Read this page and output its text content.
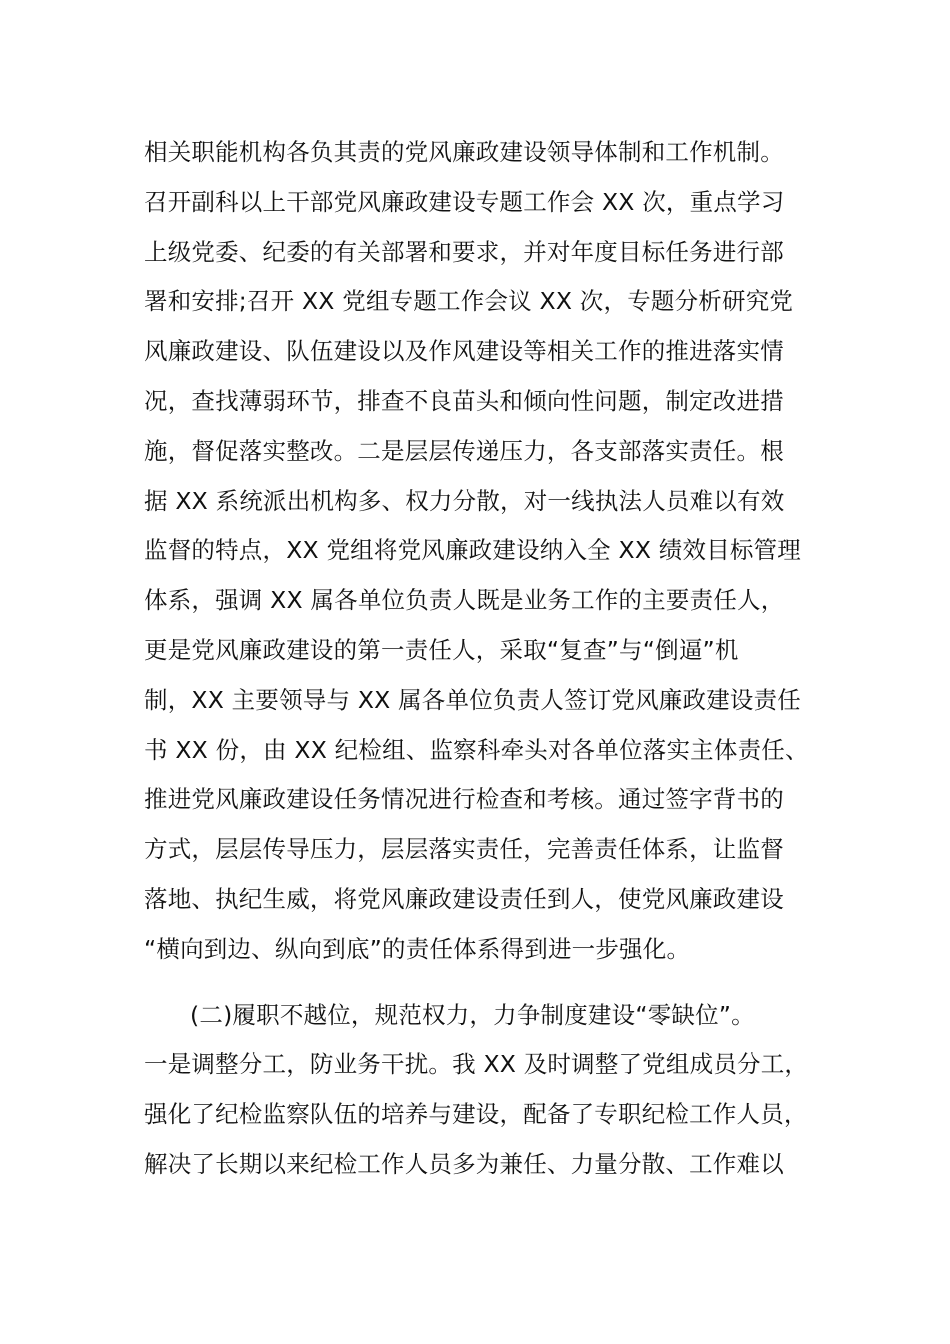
相关职能机构各负其责的党风廉政建设领导体制和工作机制。
召开副科以上干部党风廉政建设专题工作会 XX 次，重点学习
上级党委、纪委的有关部署和要求，并对年度目标任务进行部
署和安排;召开 XX 党组专题工作会议 XX 次，专题分析研究党
风廉政建设、队伍建设以及作风建设等相关工作的推进落实情
况，查找薄弱环节，排查不良苗头和倾向性问题，制定改进措
施，督促落实整改。二是层层传递压力，各支部落实责任。根
据 XX 系统派出机构多、权力分散，对一线执法人员难以有效
监督的特点，XX 党组将党风廉政建设纳入全 XX 绩效目标管理
体系，强调 XX 属各单位负责人既是业务工作的主要责任人，
更是党风廉政建设的第一责任人，采取“复查”与“倒逼”机
制，XX 主要领导与 XX 属各单位负责人签订党风廉政建设责任
书 XX 份，由 XX 纪检组、监察科牵头对各单位落实主体责任、
推进党风廉政建设任务情况进行检查和考核。通过签字背书的
方式，层层传导压力，层层落实责任，完善责任体系，让监督
落地、执纪生威，将党风廉政建设责任到人，使党风廉政建设
“横向到边、纵向到底”的责任体系得到进一步强化。
(二)履职不越位，规范权力，力争制度建设“零缺位”。
一是调整分工，防业务干扰。我 XX 及时调整了党组成员分工，
强化了纪检监察队伍的培养与建设，配备了专职纪检工作人员，
解决了长期以来纪检工作人员多为兼任、力量分散、工作难以
